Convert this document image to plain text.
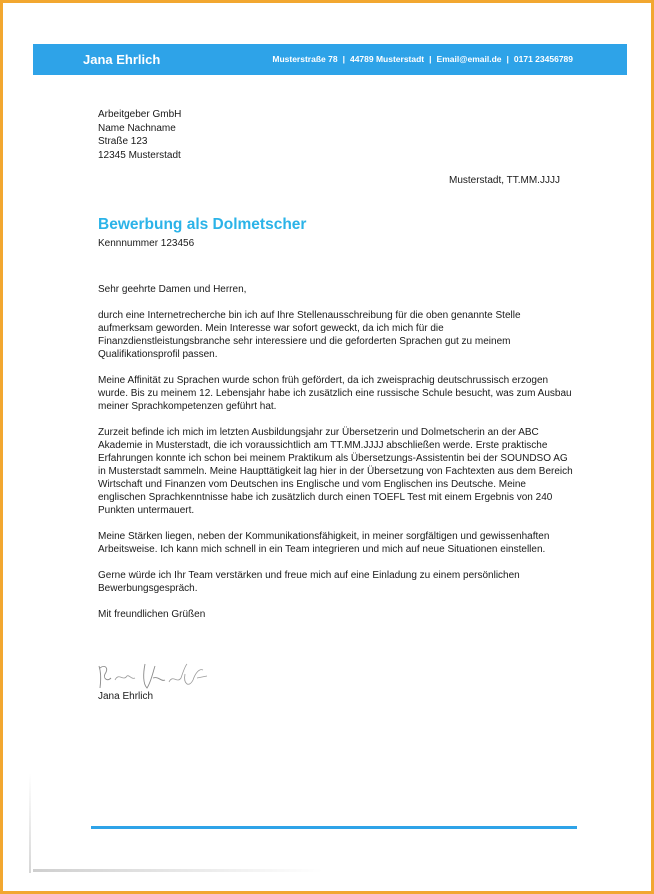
Jana Ehrlich	Musterstraße 78 | 44789 Musterstadt | Email@email.de | 0171 23456789
Arbeitgeber GmbH
Name Nachname
Straße 123
12345 Musterstadt
Musterstadt, TT.MM.JJJJ
Bewerbung als Dolmetscher
Kennnummer 123456

Sehr geehrte Damen und Herren,

durch eine Internetrecherche bin ich auf Ihre Stellenausschreibung für die oben genannte Stelle aufmerksam geworden. Mein Interesse war sofort geweckt, da ich mich für die Finanzdienstleistungsbranche sehr interessiere und die geforderten Sprachen gut zu meinem Qualifikationsprofil passen.

Meine Affinität zu Sprachen wurde schon früh gefördert, da ich zweisprachig deutschrussisch erzogen wurde. Bis zu meinem 12. Lebensjahr habe ich zusätzlich eine russische Schule besucht, was zum Ausbau meiner Sprachkompetenzen geführt hat.

Zurzeit befinde ich mich im letzten Ausbildungsjahr zur Übersetzerin und Dolmetscherin an der ABC Akademie in Musterstadt, die ich voraussichtlich am TT.MM.JJJJ abschließen werde. Erste praktische Erfahrungen konnte ich schon bei meinem Praktikum als Übersetzungs-Assistentin bei der SOUNDSO AG in Musterstadt sammeln. Meine Haupttätigkeit lag hier in der Übersetzung von Fachtexten aus dem Bereich Wirtschaft und Finanzen vom Deutschen ins Englische und vom Englischen ins Deutsche. Meine englischen Sprachkenntnisse habe ich zusätzlich durch einen TOEFL Test mit einem Ergebnis von 240 Punkten untermauert.

Meine Stärken liegen, neben der Kommunikationsfähigkeit, in meiner sorgfältigen und gewissenhaften Arbeitsweise. Ich kann mich schnell in ein Team integrieren und mich auf neue Situationen einstellen.

Gerne würde ich Ihr Team verstärken und freue mich auf eine Einladung zu einem persönlichen Bewerbungsgespräch.

Mit freundlichen Grüßen

Jana Ehrlich
